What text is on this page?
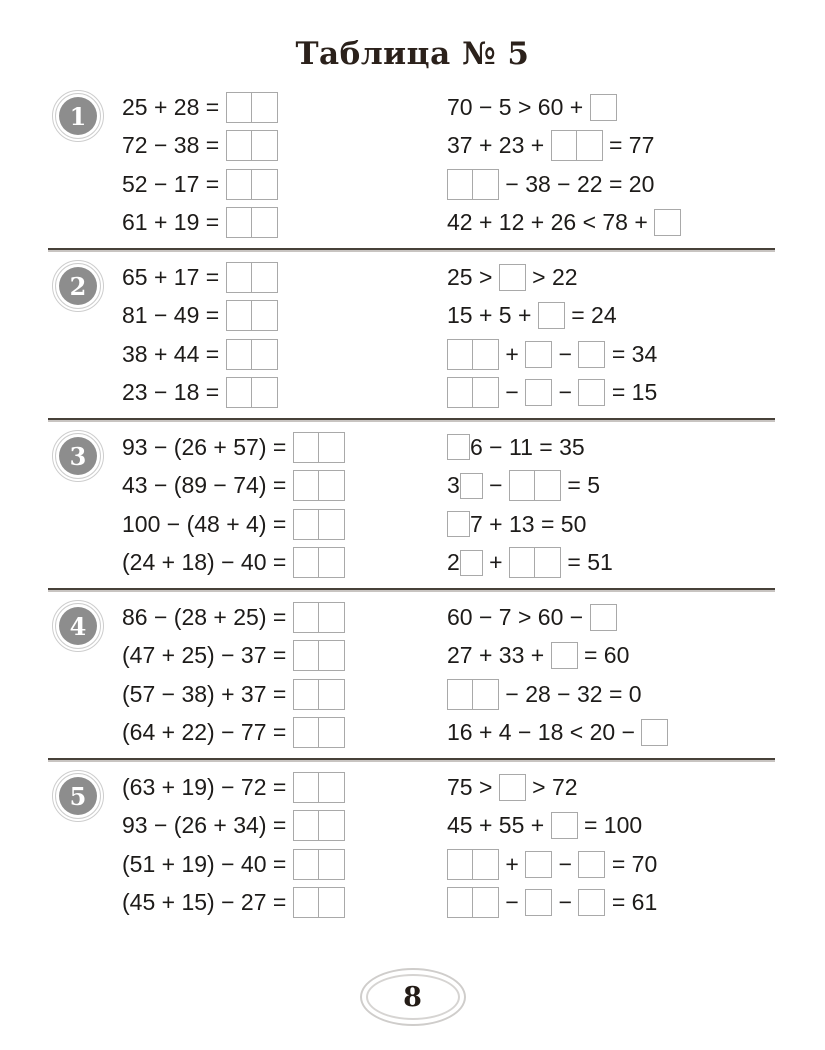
Таблица № 5
1	25 + 28 =
72 − 38 =
52 − 17 =
61 + 19 =
70 − 5 > 60 +
37 + 23 + = 77
− 38 − 22 = 20
42 + 12 + 26 < 78 +
2	65 + 17 =
81 − 49 =
38 + 44 =
23 − 18 =
25 > > 22
15 + 5 + = 24
+ − = 34
− − = 15
3	93 − (26 + 57) =
43 − (89 − 74) =
100 − (48 + 4) =
(24 + 18) − 40 =
6 − 11 = 35
3 − = 5
7 + 13 = 50
2 + = 51
4	86 − (28 + 25) =
(47 + 25) − 37 =
(57 − 38) + 37 =
(64 + 22) − 77 =
60 − 7 > 60 −
27 + 33 + = 60
− 28 − 32 = 0
16 + 4 − 18 < 20 −
5	(63 + 19) − 72 =
93 − (26 + 34) =
(51 + 19) − 40 =
(45 + 15) − 27 =
75 > > 72
45 + 55 + = 100
+ − = 70
− − = 61
8
